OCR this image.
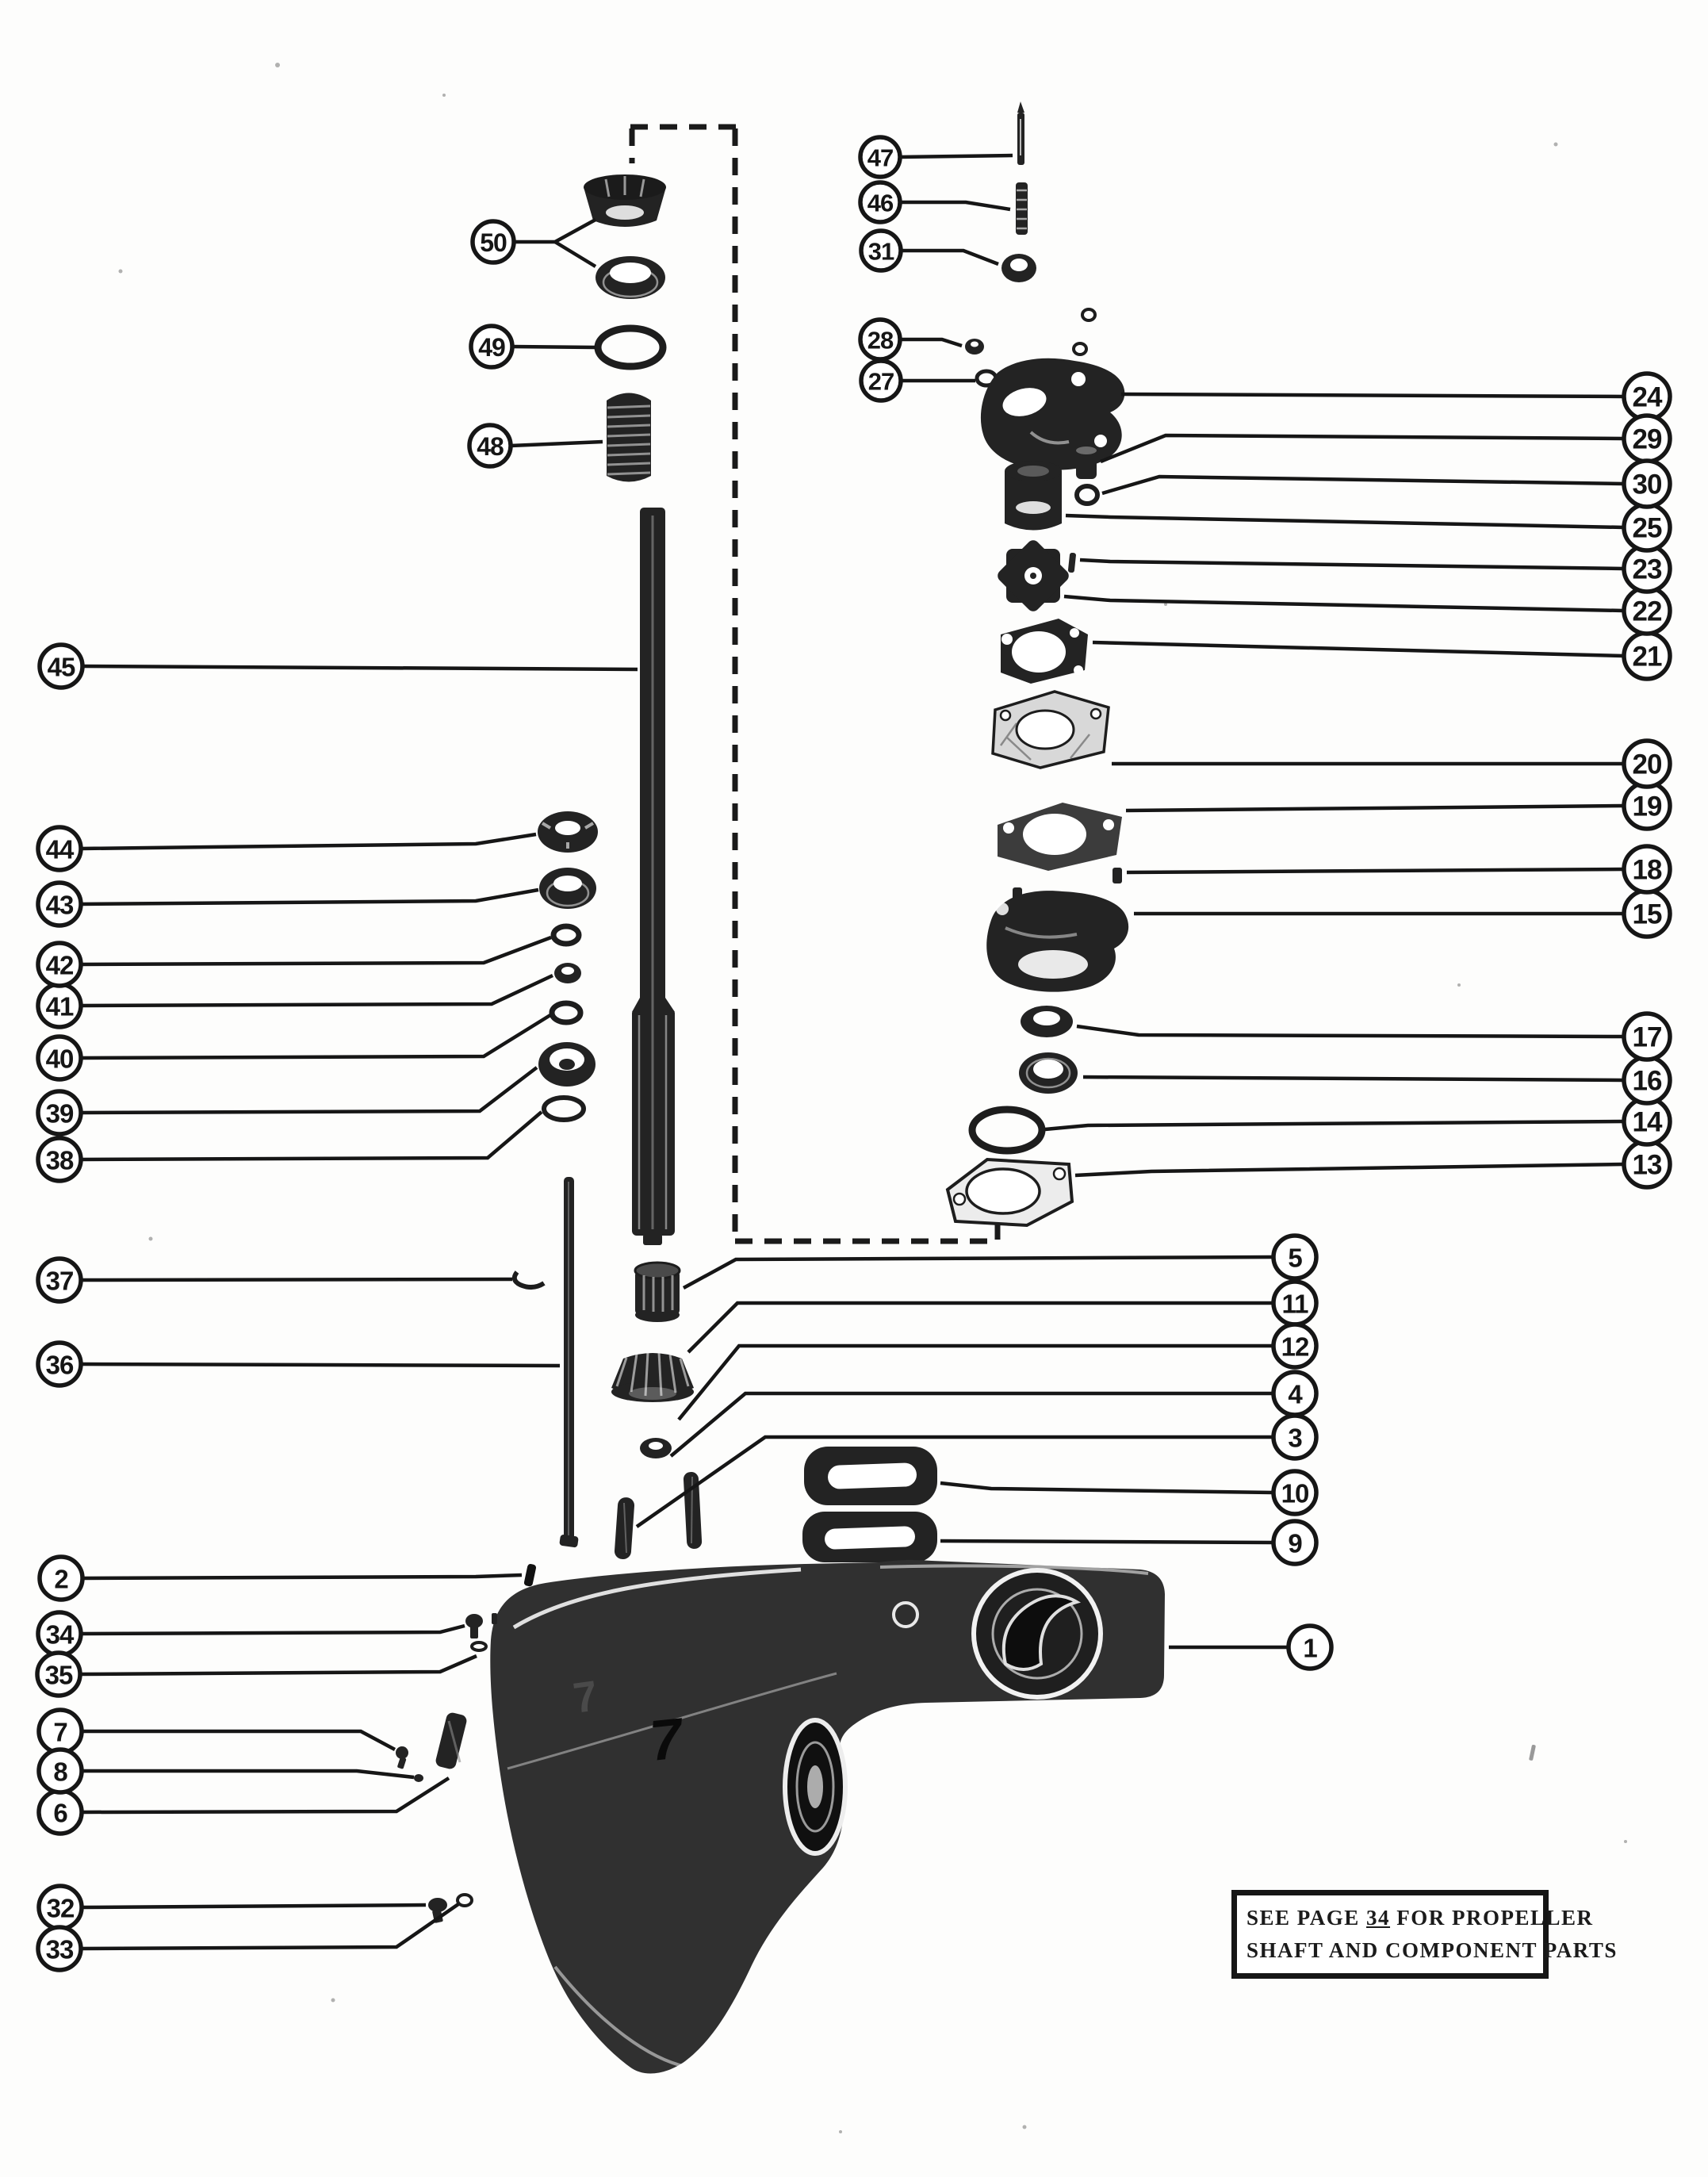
7
7
1
2
3
4
5
6
7
8
9
10
11
12
13
14
15
16
17
18
19
20
21
22
23
24
25
27
28
29
30
31
32
33
34
35
36
37
38
39
40
41
42
43
44
45
46
47
48
49
50
SEE PAGE 34 FOR PROPELLER
SHAFT AND COMPONENT PARTS
